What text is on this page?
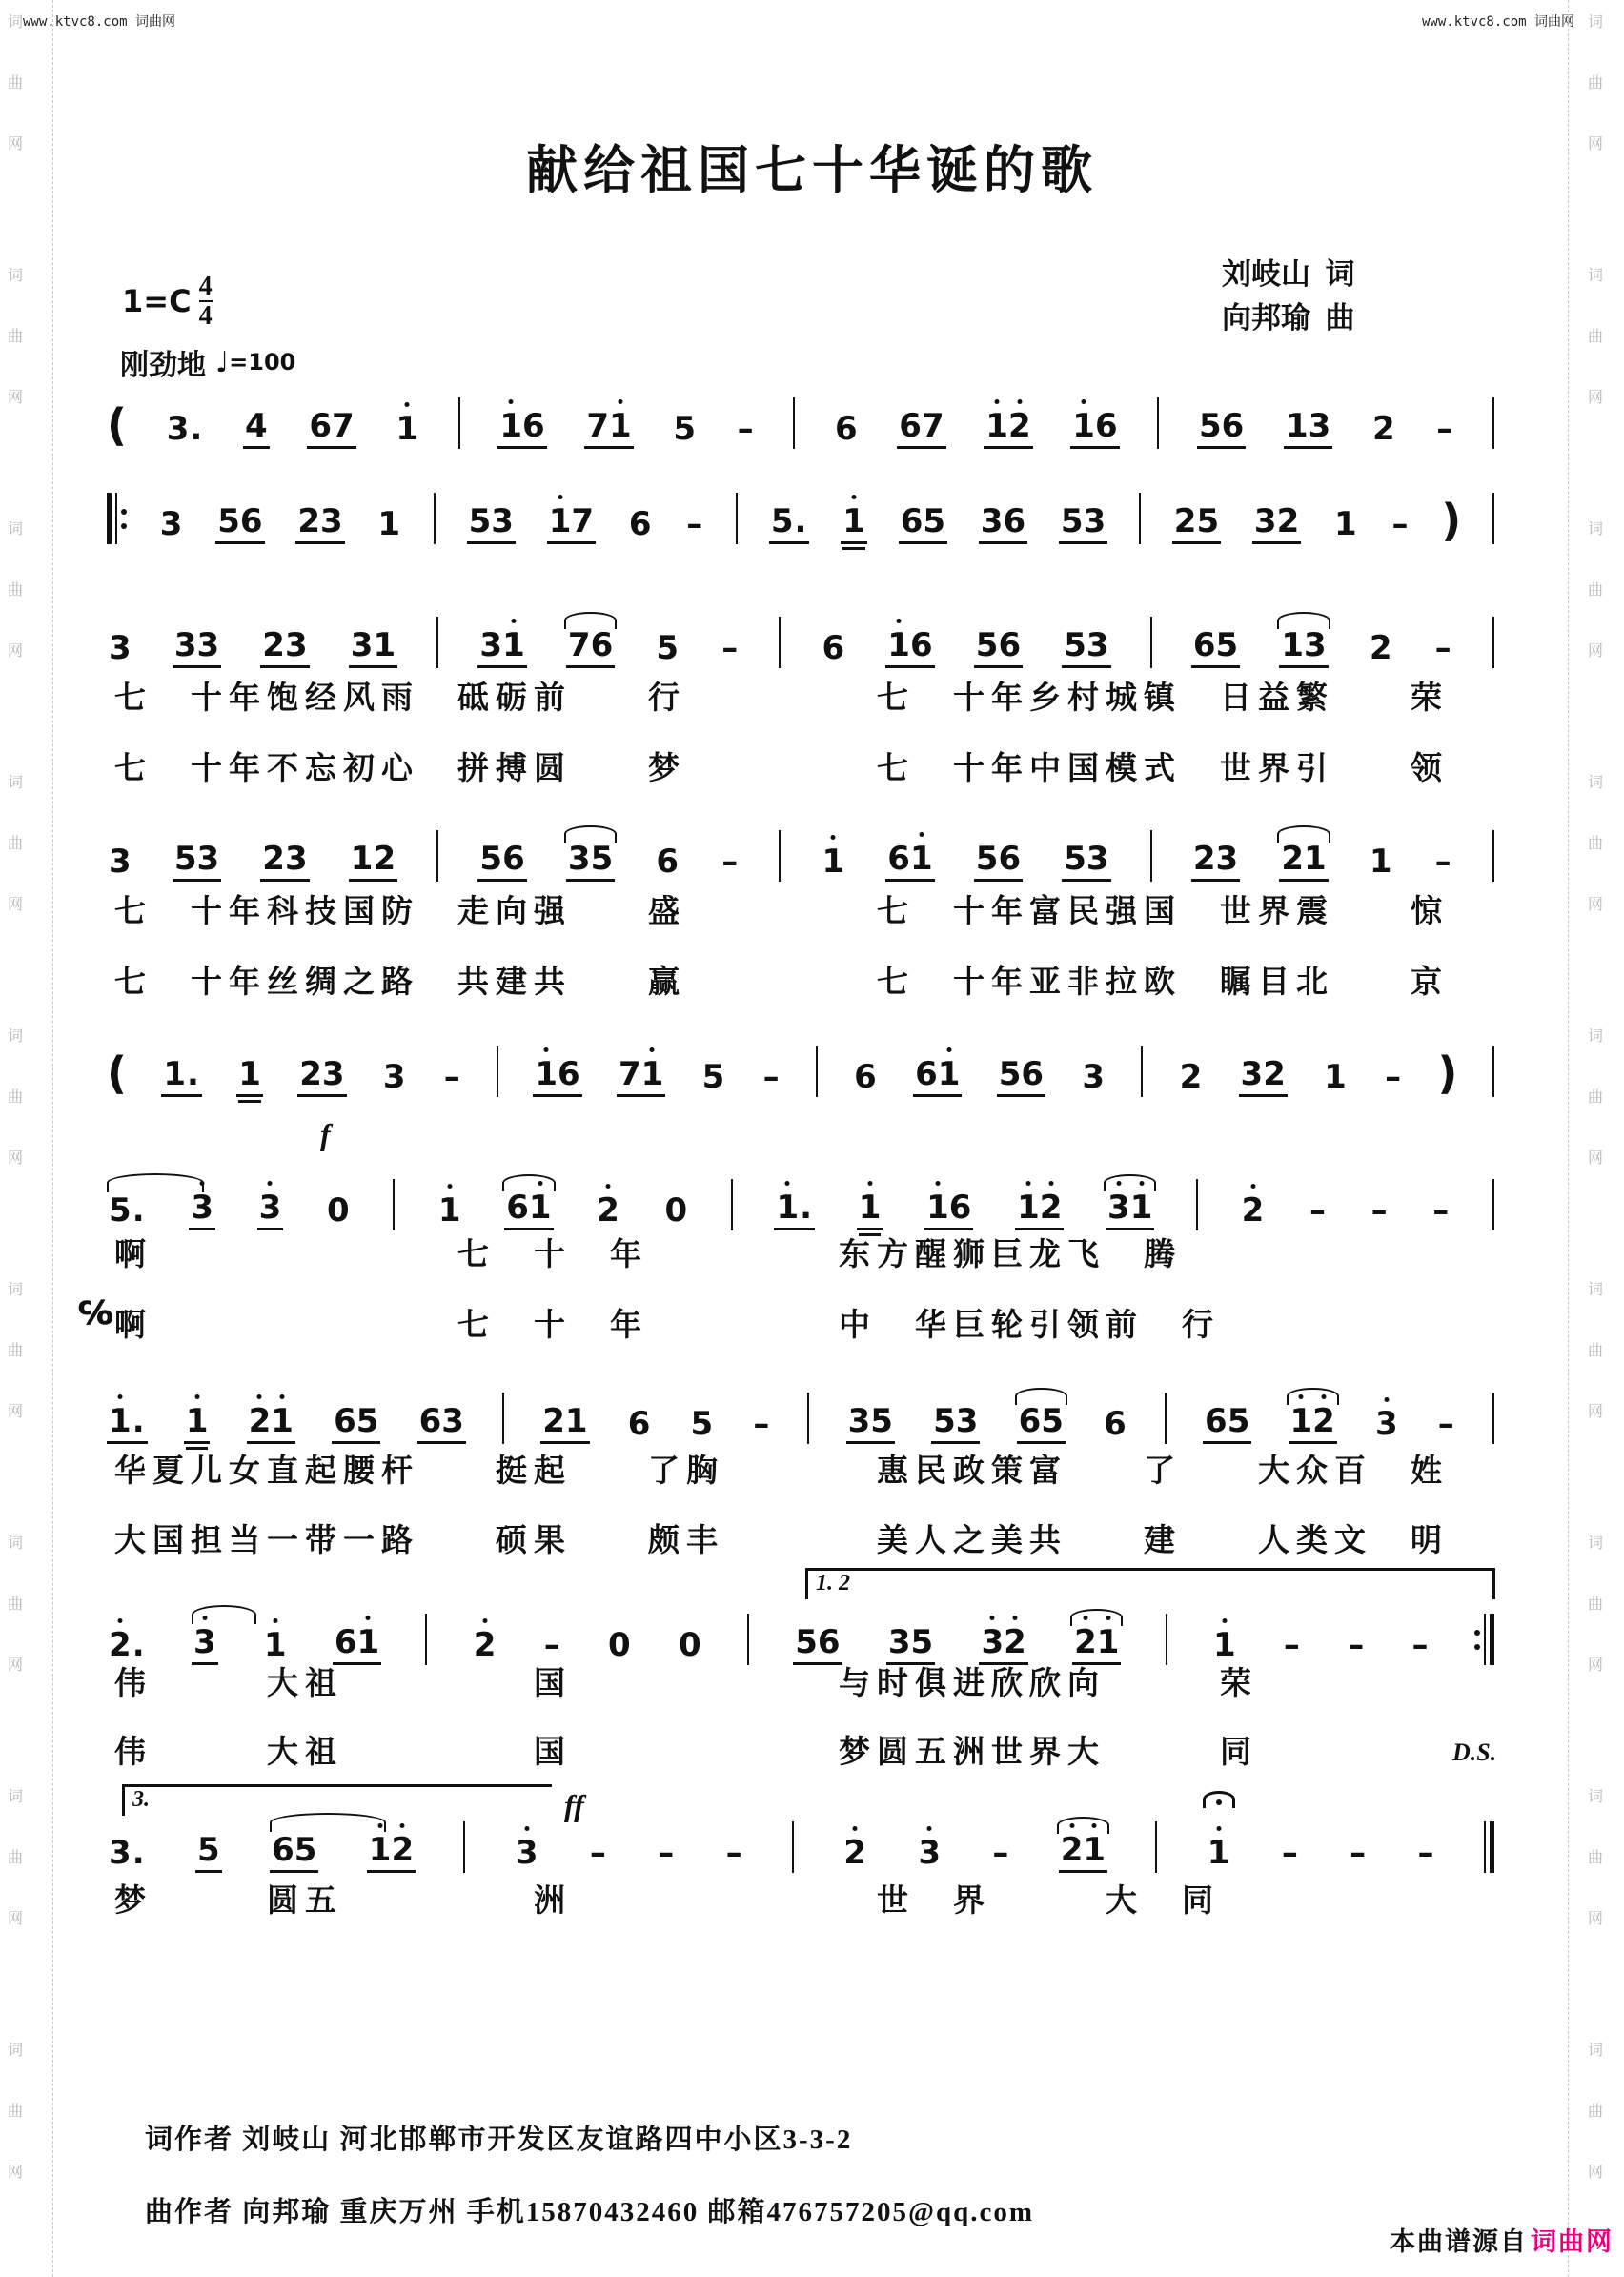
www.ktvc8.com 词曲网	www.ktvc8.com 词曲网
词
曲
网
词
曲
网
词
曲
网
词
曲
网
词
曲
网
词
曲
网
词
曲
网
词
曲
网
词
曲
网
词
曲
网
词
曲
网
词
曲
网
词
曲
网
词
曲
网
词
曲
网
词
曲
网
词
曲
网
词
曲
网
献给祖国七十华诞的歌
刘岐山  词
向邦瑜  曲
1=C 4
4
刚劲地 ♩ =100
( 3 . 4 6 7 1	1 6 7 1 5 –	6 6 7 1 2 1 6	5 6 1 3 2 –
3 5 6 2 3 1 5 3 1 7 6 – 5 . 1 6 5 3 6 5 3 2 5 3 2 1 – )
3 3 3 2 3 3 1	3 1 7 6 5 –	6 1 6 5 6 5 3	6 5 1 3 2 –
3 5 3 2 3 1 2	5 6 3 5 6 –	1 6 1 5 6 5 3	2 3 2 1 1 –
( 1 . 1 2 3 3 – 1 6 7 1 5 – 6 6 1 5 6 3 2 3 2 1 – )
5 . 3 3 0	1 6 1 2 0	1 . 1 1 6 1 2 3 1	2 – – –
1 . 1 2 1 6 5 6 3 2 1 6 5 – 3 5 5 3 6 5 6 6 5 1 2 3 –
2 . 3 1 6 1	2 – 0 0	5 6 3 5 3 2 2 1	1 – – –
3 . 5 6 5 1 2	3 – – –	2 3 – 2 1	1 – – –
七　十年饱经风雨　砥砺前　　行　　　　　七　十年乡村城镇　日益繁　　荣
七　十年不忘初心　拼搏圆　　梦　　　　　七　十年中国模式　世界引　　领
七　十年科技国防　走向强　　盛　　　　　七　十年富民强国　世界震　　惊
七　十年丝绸之路　共建共　　赢　　　　　七　十年亚非拉欧　瞩目北　　京
啊　　　　　　　　七　十　年　　　　　东方醒狮巨龙飞　腾
啊　　　　　　　　七　十　年　　　　　中　华巨轮引领前　行
华夏儿女直起腰杆　　挺起　　了胸　　　　惠民政策富　　了　　大众百　姓
大国担当一带一路　　硕果　　颇丰　　　　美人之美共　　建　　人类文　明
伟　　　大祖　　　　　国　　　　　　　与时俱进欣欣向　　　荣
伟　　　大祖　　　　　国　　　　　　　梦圆五洲世界大　　　同
梦　　　圆五　　　　　洲　　　　　　　　世　界　　　大　同
f
ff
℅
D.S.
1. 2
3.
词作者 刘岐山 河北邯郸市开发区友谊路四中小区3-3-2
曲作者 向邦瑜 重庆万州 手机15870432460 邮箱476757205@qq.com
本曲谱源自 词曲网
